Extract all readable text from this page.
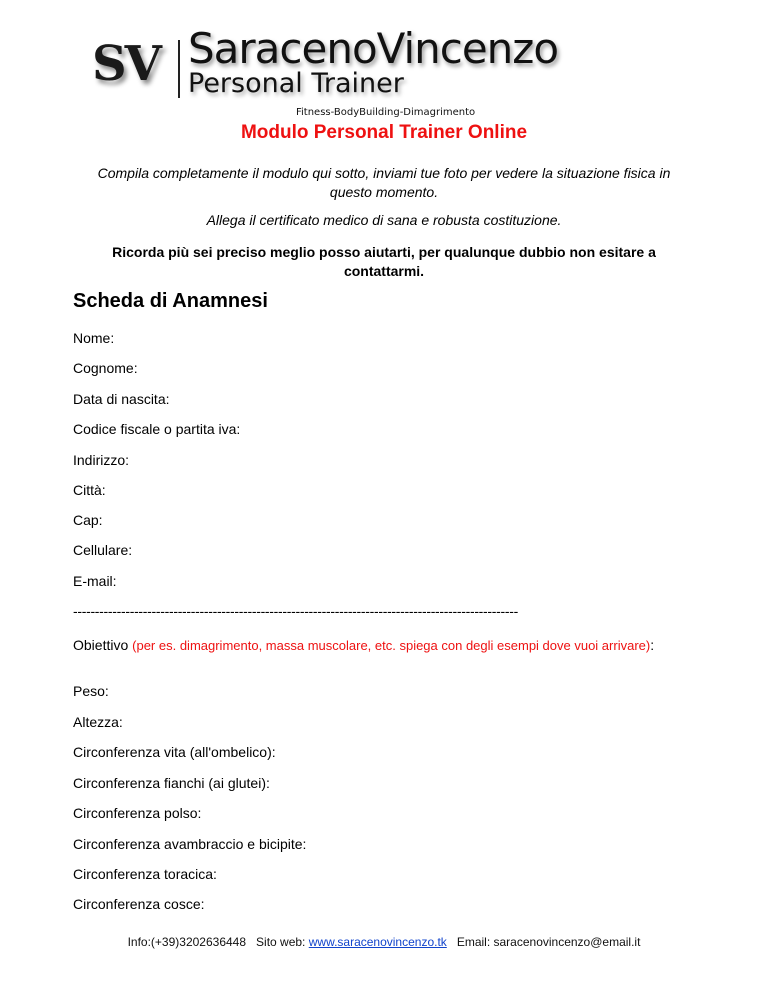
SV SaracenoVincenzo
Personal Trainer
Fitness-BodyBuilding-Dimagrimento
Modulo Personal Trainer Online
Compila completamente il modulo qui sotto, inviami tue foto per vedere la situazione fisica in questo momento.
Allega il certificato medico di sana e robusta costituzione.
Ricorda più sei preciso meglio posso aiutarti, per qualunque dubbio non esitare a contattarmi.
Scheda di Anamnesi
Nome:
Cognome:
Data di nascita:
Codice fiscale o partita iva:
Indirizzo:
Città:
Cap:
Cellulare:
E-mail:
------------------------------------------------------------------------------------------------------
Obiettivo (per es. dimagrimento, massa muscolare, etc. spiega con degli esempi dove vuoi arrivare):
Peso:
Altezza:
Circonferenza vita (all'ombelico):
Circonferenza fianchi (ai glutei):
Circonferenza polso:
Circonferenza avambraccio e bicipite:
Circonferenza toracica:
Circonferenza cosce:
Info:(+39)3202636448 Sito web: www.saracenovincenzo.tk Email: saracenovincenzo@email.it
